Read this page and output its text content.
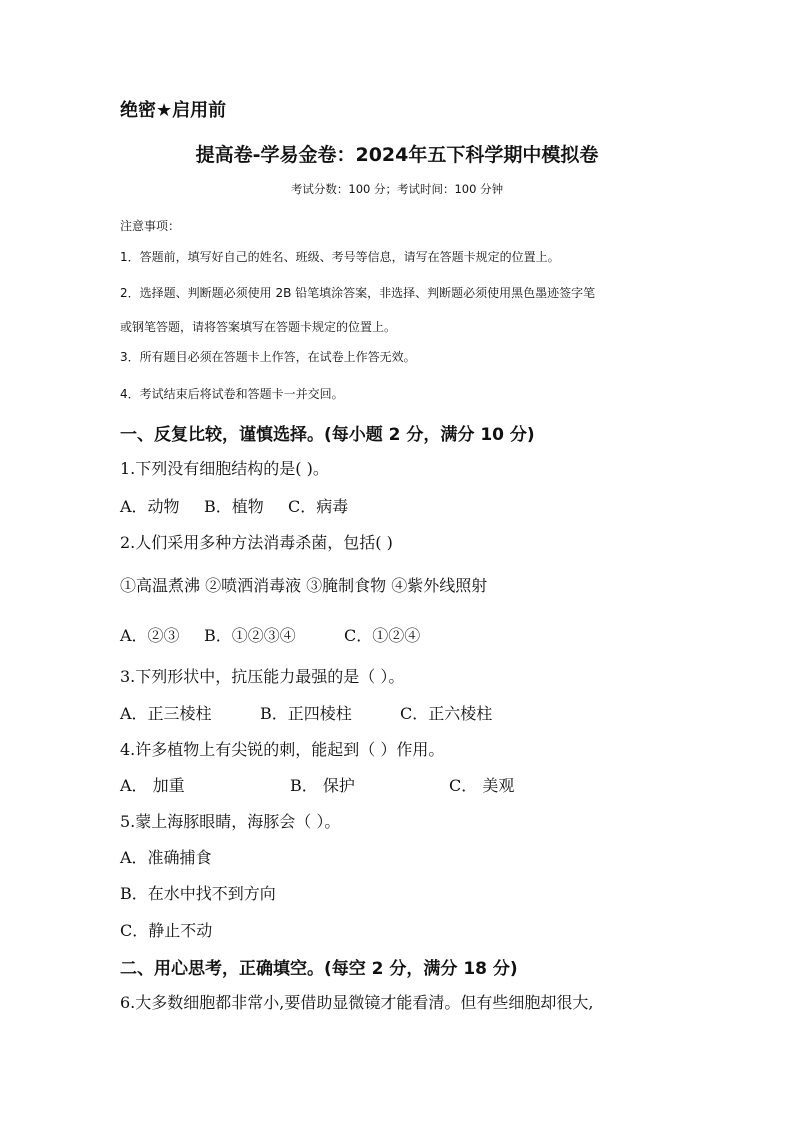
绝密★启用前
提高卷-学易金卷：2024年五下科学期中模拟卷
考试分数：100 分；考试时间：100 分钟
注意事项：
1．答题前，填写好自己的姓名、班级、考号等信息，请写在答题卡规定的位置上。
2．选择题、判断题必须使用 2B 铅笔填涂答案，非选择、判断题必须使用黑色墨迹签字笔
或钢笔答题，请将答案填写在答题卡规定的位置上。
3．所有题目必须在答题卡上作答，在试卷上作答无效。
4．考试结束后将试卷和答题卡一并交回。
一、反复比较，谨慎选择。(每小题 2 分，满分 10 分)
1.下列没有细胞结构的是( )。
A．动物 B．植物 C．病毒
2.人们采用多种方法消毒杀菌，包括( )
①高温煮沸 ②喷洒消毒液 ③腌制食物 ④紫外线照射
A．②③ B．①②③④	C．①②④
3.下列形状中，抗压能力最强的是（ ）。
A．正三棱柱	B．正四棱柱	C．正六棱柱
4.许多植物上有尖锐的刺，能起到（ ）作用。
A． 加重	B． 保护	C． 美观
5.蒙上海豚眼睛，海豚会（ ）。
A．准确捕食
B．在水中找不到方向
C．静止不动
二、用心思考，正确填空。(每空 2 分，满分 18 分)
6.大多数细胞都非常小,要借助显微镜才能看清。但有些细胞却很大,
